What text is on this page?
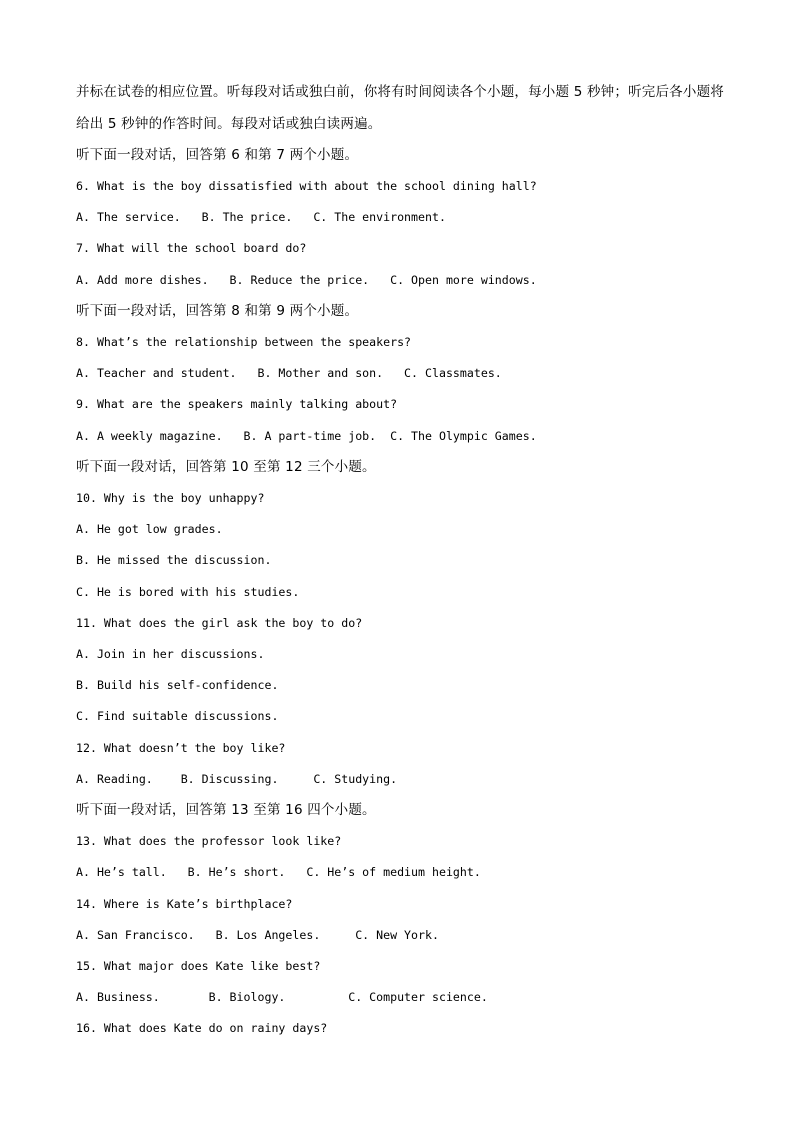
并标在试卷的相应位置。听每段对话或独白前，你将有时间阅读各个小题，每小题 5 秒钟；听完后各小题将
给出 5 秒钟的作答时间。每段对话或独白读两遍。
听下面一段对话，回答第 6 和第 7 两个小题。
6. What is the boy dissatisfied with about the school dining hall?
A. The service.   B. The price.   C. The environment.
7. What will the school board do?
A. Add more dishes.   B. Reduce the price.   C. Open more windows.
听下面一段对话，回答第 8 和第 9 两个小题。
8. What’s the relationship between the speakers?
A. Teacher and student.   B. Mother and son.   C. Classmates.
9. What are the speakers mainly talking about?
A. A weekly magazine.   B. A part-time job.  C. The Olympic Games.
听下面一段对话，回答第 10 至第 12 三个小题。
10. Why is the boy unhappy?
A. He got low grades.
B. He missed the discussion.
C. He is bored with his studies.
11. What does the girl ask the boy to do?
A. Join in her discussions.
B. Build his self-confidence.
C. Find suitable discussions.
12. What doesn’t the boy like?
A. Reading.    B. Discussing.     C. Studying.
听下面一段对话，回答第 13 至第 16 四个小题。
13. What does the professor look like?
A. He’s tall.   B. He’s short.   C. He’s of medium height.
14. Where is Kate’s birthplace?
A. San Francisco.   B. Los Angeles.     C. New York.
15. What major does Kate like best?
A. Business.       B. Biology.         C. Computer science.
16. What does Kate do on rainy days?
